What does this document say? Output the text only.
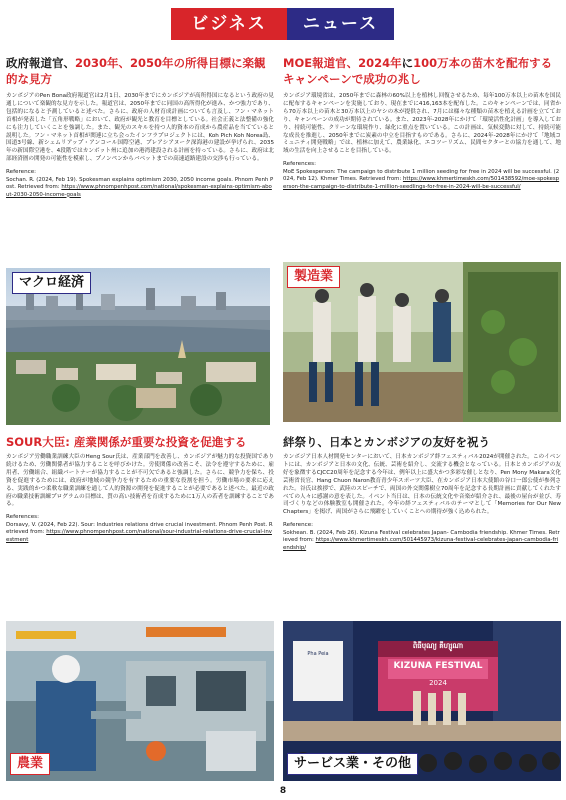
ビジネス	ニュース
政府報道官、2030年、2050年の所得目標に楽観的な見方
カンボジアのPen Bona政府報道官は2月1日、2030年までにカンボジアが高所得国になるという政府の見通しについて楽観的な見方を示した。報道官は、2050年までに同国の高所得化が進み、かつ強力であり、包括的になると予測していると述べた。さらに、政府の人材育成計画についても言及し、フン・マネット首相が発表した「五角形戦略」において、政府が観光と教育を目標としている。社会正義と法整備の強化にも注力していくことを強調した。また、観光のスキルを持つ人的資本の育成から農産品を当てていると説明した。フン・マネット首相が関連に立ち会ったインフラプロジェクトには、Koh Pich Koh Norea島、国道3号線、新シェムリアップ・アンコール国際空港、プレアシアヌーク深海港の建設が挙げられ、2035年の新国際空港を、4段階ではカンボット州に追加の港湾建設される計画を持っている。さらに、政府は北部経済圏の開発の可能性を模索し、プノンペンからバベットまでの高速道路建設の交渉も行っている。
Reference:
Sochan. R. (2024, Feb 19). Spokesman explains optimism 2030, 2050 income goals. Phnom Penh Post. Retrieved from: https://www.phnompenhpost.com/national/spokesman-explains-optimism-about-2030-2050-income-goals
MOE報道官、2024年に100万本の苗木を配布するキャンペーンで成功の兆し
カンボジア環境省は、2050年までに森林の60%以上を植林し回復させるため、毎年100万本以上の苗木を国民に配布するキャンペーンを実施しており、現在までに416,163本を配布した。このキャンペーンでは、同省から70万本以上の苗木と30万本以上のヤシの木が提供され、7月には様々な種類の苗木を植える計画を立てており、キャンペーンの成功が期待されている。また、2023年-2028年にかけて「環境活性化計画」を導入しており、持続可能性、クリーンな環境作り、緑化に重点を置いている。この計画は、気候変動に対して、持続可能な成長を推進し、2050年までに炭素の中立を目指すものである。さらに、2024年-2028年にかけて「地域コミュニティ開発戦略」では、植林に加えて、農業緑化、エコツーリズム、民間セクターとの協力を通して、地域の生活を向上させることを目指している。
References:
MoE Spokesperson: The campaign to distribute 1 million seeding for free in 2024 will be successful. (2024, Feb 12). Khmer Times. Retrieved from: https://www.khmertimeskh.com/501438592/moe-spokesperson-the-campaign-to-distribute-1-million-seedlings-for-free-in-2024-will-be-successful/
マクロ経済	製造業
SOUR大臣: 産業関係が重要な投資を促進する
カンボジア労働職業訓練大臣のHeng Sour氏は、産業部門を改善し、カンボジアが魅力的な投資国であり続けるため、労働関係者が協力することを呼びかけた。労使関係の改善こそ、法令を遵守するために、雇用者、労働組合、組織パートナーが協力することが不可欠であると強調した。さらに、競争力を保ち、投資を促進するためには、政府が地域の競争力を有するための重要な役割を担う。労働市場の要求に応える、実践的かつ柔軟な職業訓練を通して人的資源の開発を促進することが必要であると述べた。最近の政府の職業技術訓練プログラムの目標は、質の高い技術者を育成するために1万人の若者を訓練することである。
References:
Dorsavy, V. (2024, Feb 22). Sour: Industries relations drive crucial investment. Phnom Penh Post. Retrieved from: https://www.phnompenhpost.com/national/sour-industrial-relations-drive-crucial-investment
絆祭り、日本とカンボジアの友好を祝う
カンボジア日本人材開発センターにおいて、日本カンボジア絆フェスティバル2024が開催された。このイベントには、カンボジアと日本の文化、伝統、芸術を紹介し、交流する機会となっている。日本とカンボジアの友好を象徴するCJCC20周年を記念する今年は、例年以上に盛大かつ多彩な催しとなり、Pen Mony Makara文化芸術省長官、Hang Chuon Naron教育青少年スポーツ大臣、在カンボジア日本大使館の谷口一郎公使が参列された。谷氏は挨拶で、武陸のスピーチで、両国の外交関係樹立70周年を記念する長期計画に貢献してくれたすべての人々に感謝の意を表した。イベント当日は、日本の伝統文化や音楽が紹介され、最後の屋台が並び、寿司づくりなどの体験教室も開催された。今年の絆フェスティバルのテーマとして「Memories for Our New Chapters」を掲げ、両国がさらに飛躍をしていくことへの期待が強く込められた。
Reference:
Sokhean. B. (2024, Feb 26). Kizuna Festival celebrates Japan- Cambodia friendship. Khmer Times. Retrieved from: https://www.khmertimeskh.com/501445973/kizuna-festival-celebrates-japan-cambodia-friendship/
農業
ពិធីបុណ្យ គីហ្សូណា
KIZUNA FESTIVAL
2024
Pha Peia
サービス業・その他
8
